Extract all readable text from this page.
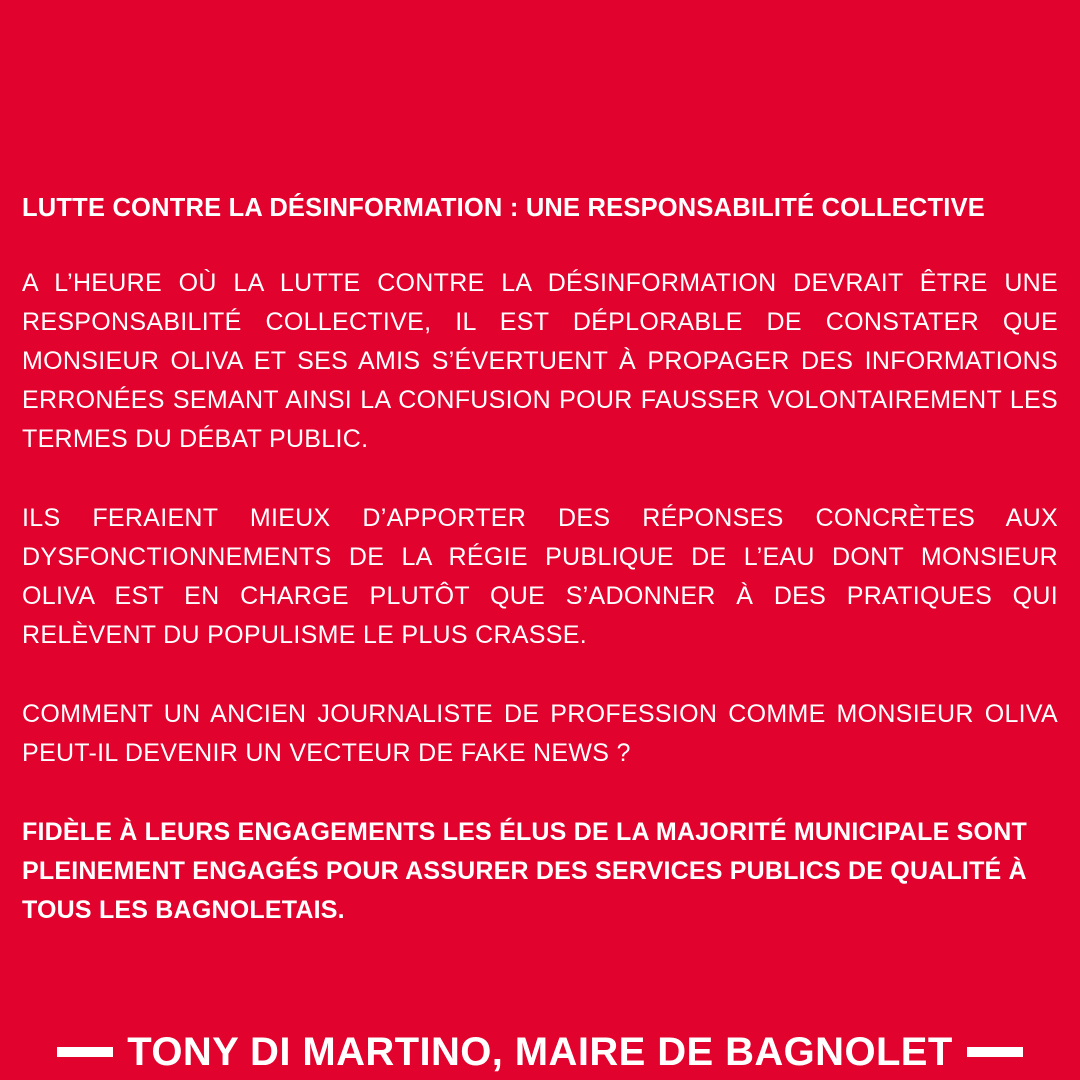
LUTTE CONTRE LA DÉSINFORMATION : UNE RESPONSABILITÉ COLLECTIVE

A L’HEURE OÙ LA LUTTE CONTRE LA DÉSINFORMATION DEVRAIT ÊTRE UNE RESPONSABILITÉ COLLECTIVE, IL EST DÉPLORABLE DE CONSTATER QUE MONSIEUR OLIVA ET SES AMIS S’ÉVERTUENT À PROPAGER DES INFORMATIONS ERRONÉES SEMANT AINSI LA CONFUSION POUR FAUSSER VOLONTAIREMENT LES TERMES DU DÉBAT PUBLIC.

ILS FERAIENT MIEUX D’APPORTER DES RÉPONSES CONCRÈTES AUX DYSFONCTIONNEMENTS DE LA RÉGIE PUBLIQUE DE L’EAU DONT MONSIEUR OLIVA EST EN CHARGE PLUTÔT QUE S’ADONNER À DES PRATIQUES QUI RELÈVENT DU POPULISME LE PLUS CRASSE.

COMMENT UN ANCIEN JOURNALISTE DE PROFESSION COMME MONSIEUR OLIVA PEUT-IL DEVENIR UN VECTEUR DE FAKE NEWS ?

FIDÈLE À LEURS ENGAGEMENTS LES ÉLUS DE LA MAJORITÉ MUNICIPALE SONT PLEINEMENT ENGAGÉS POUR ASSURER DES SERVICES PUBLICS DE QUALITÉ À TOUS LES BAGNOLETAIS.

TONY DI MARTINO, MAIRE DE BAGNOLET
